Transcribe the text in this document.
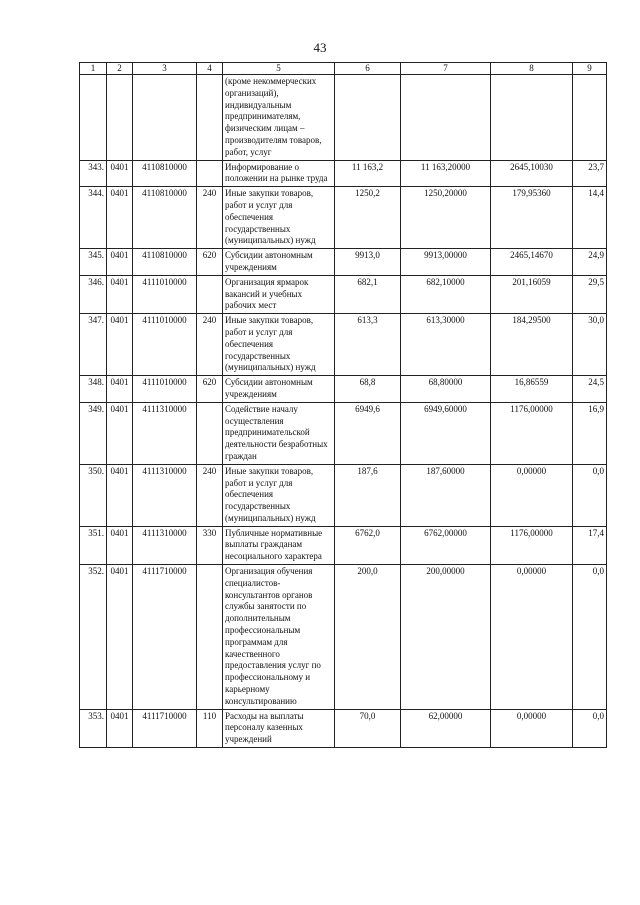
43
1	2	3	4	5	6	7	8	9
				(кроме некоммерческих организаций), индивидуальным предпринимателям, физическим лицам – производителям товаров, работ, услуг				
343.	0401	4110810000		Информирование о положении на рынке труда	11 163,2	11 163,20000	2645,10030	23,7
344.	0401	4110810000	240	Иные закупки товаров, работ и услуг для обеспечения государственных (муниципальных) нужд	1250,2	1250,20000	179,95360	14,4
345.	0401	4110810000	620	Субсидии автономным учреждениям	9913,0	9913,00000	2465,14670	24,9
346.	0401	4111010000		Организация ярмарок вакансий и учебных рабочих мест	682,1	682,10000	201,16059	29,5
347.	0401	4111010000	240	Иные закупки товаров, работ и услуг для обеспечения государственных (муниципальных) нужд	613,3	613,30000	184,29500	30,0
348.	0401	4111010000	620	Субсидии автономным учреждениям	68,8	68,80000	16,86559	24,5
349.	0401	4111310000		Содействие началу осуществления предпринимательской деятельности безработных граждан	6949,6	6949,60000	1176,00000	16,9
350.	0401	4111310000	240	Иные закупки товаров, работ и услуг для обеспечения государственных (муниципальных) нужд	187,6	187,60000	0,00000	0,0
351.	0401	4111310000	330	Публичные нормативные выплаты гражданам несоциального характера	6762,0	6762,00000	1176,00000	17,4
352.	0401	4111710000		Организация обучения специалистов-консультантов органов службы занятости по дополнительным профессиональным программам для качественного предоставления услуг по профессиональному и карьерному консультированию	200,0	200,00000	0,00000	0,0
353.	0401	4111710000	110	Расходы на выплаты персоналу казенных учреждений	70,0	62,00000	0,00000	0,0
